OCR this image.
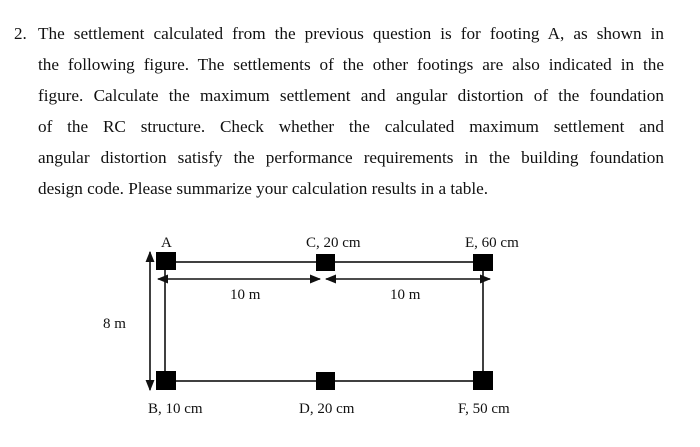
2. The settlement calculated from the previous question is for footing A, as shown in
the following figure. The settlements of the other footings are also indicated in the
figure. Calculate the maximum settlement and angular distortion of the foundation
of the RC structure. Check whether the calculated maximum settlement and
angular distortion satisfy the performance requirements in the building foundation
design code. Please summarize your calculation results in a table.
A	C, 20 cm	E, 60 cm
B, 10 cm	D, 20 cm	F, 50 cm
10 m	10 m
8 m
